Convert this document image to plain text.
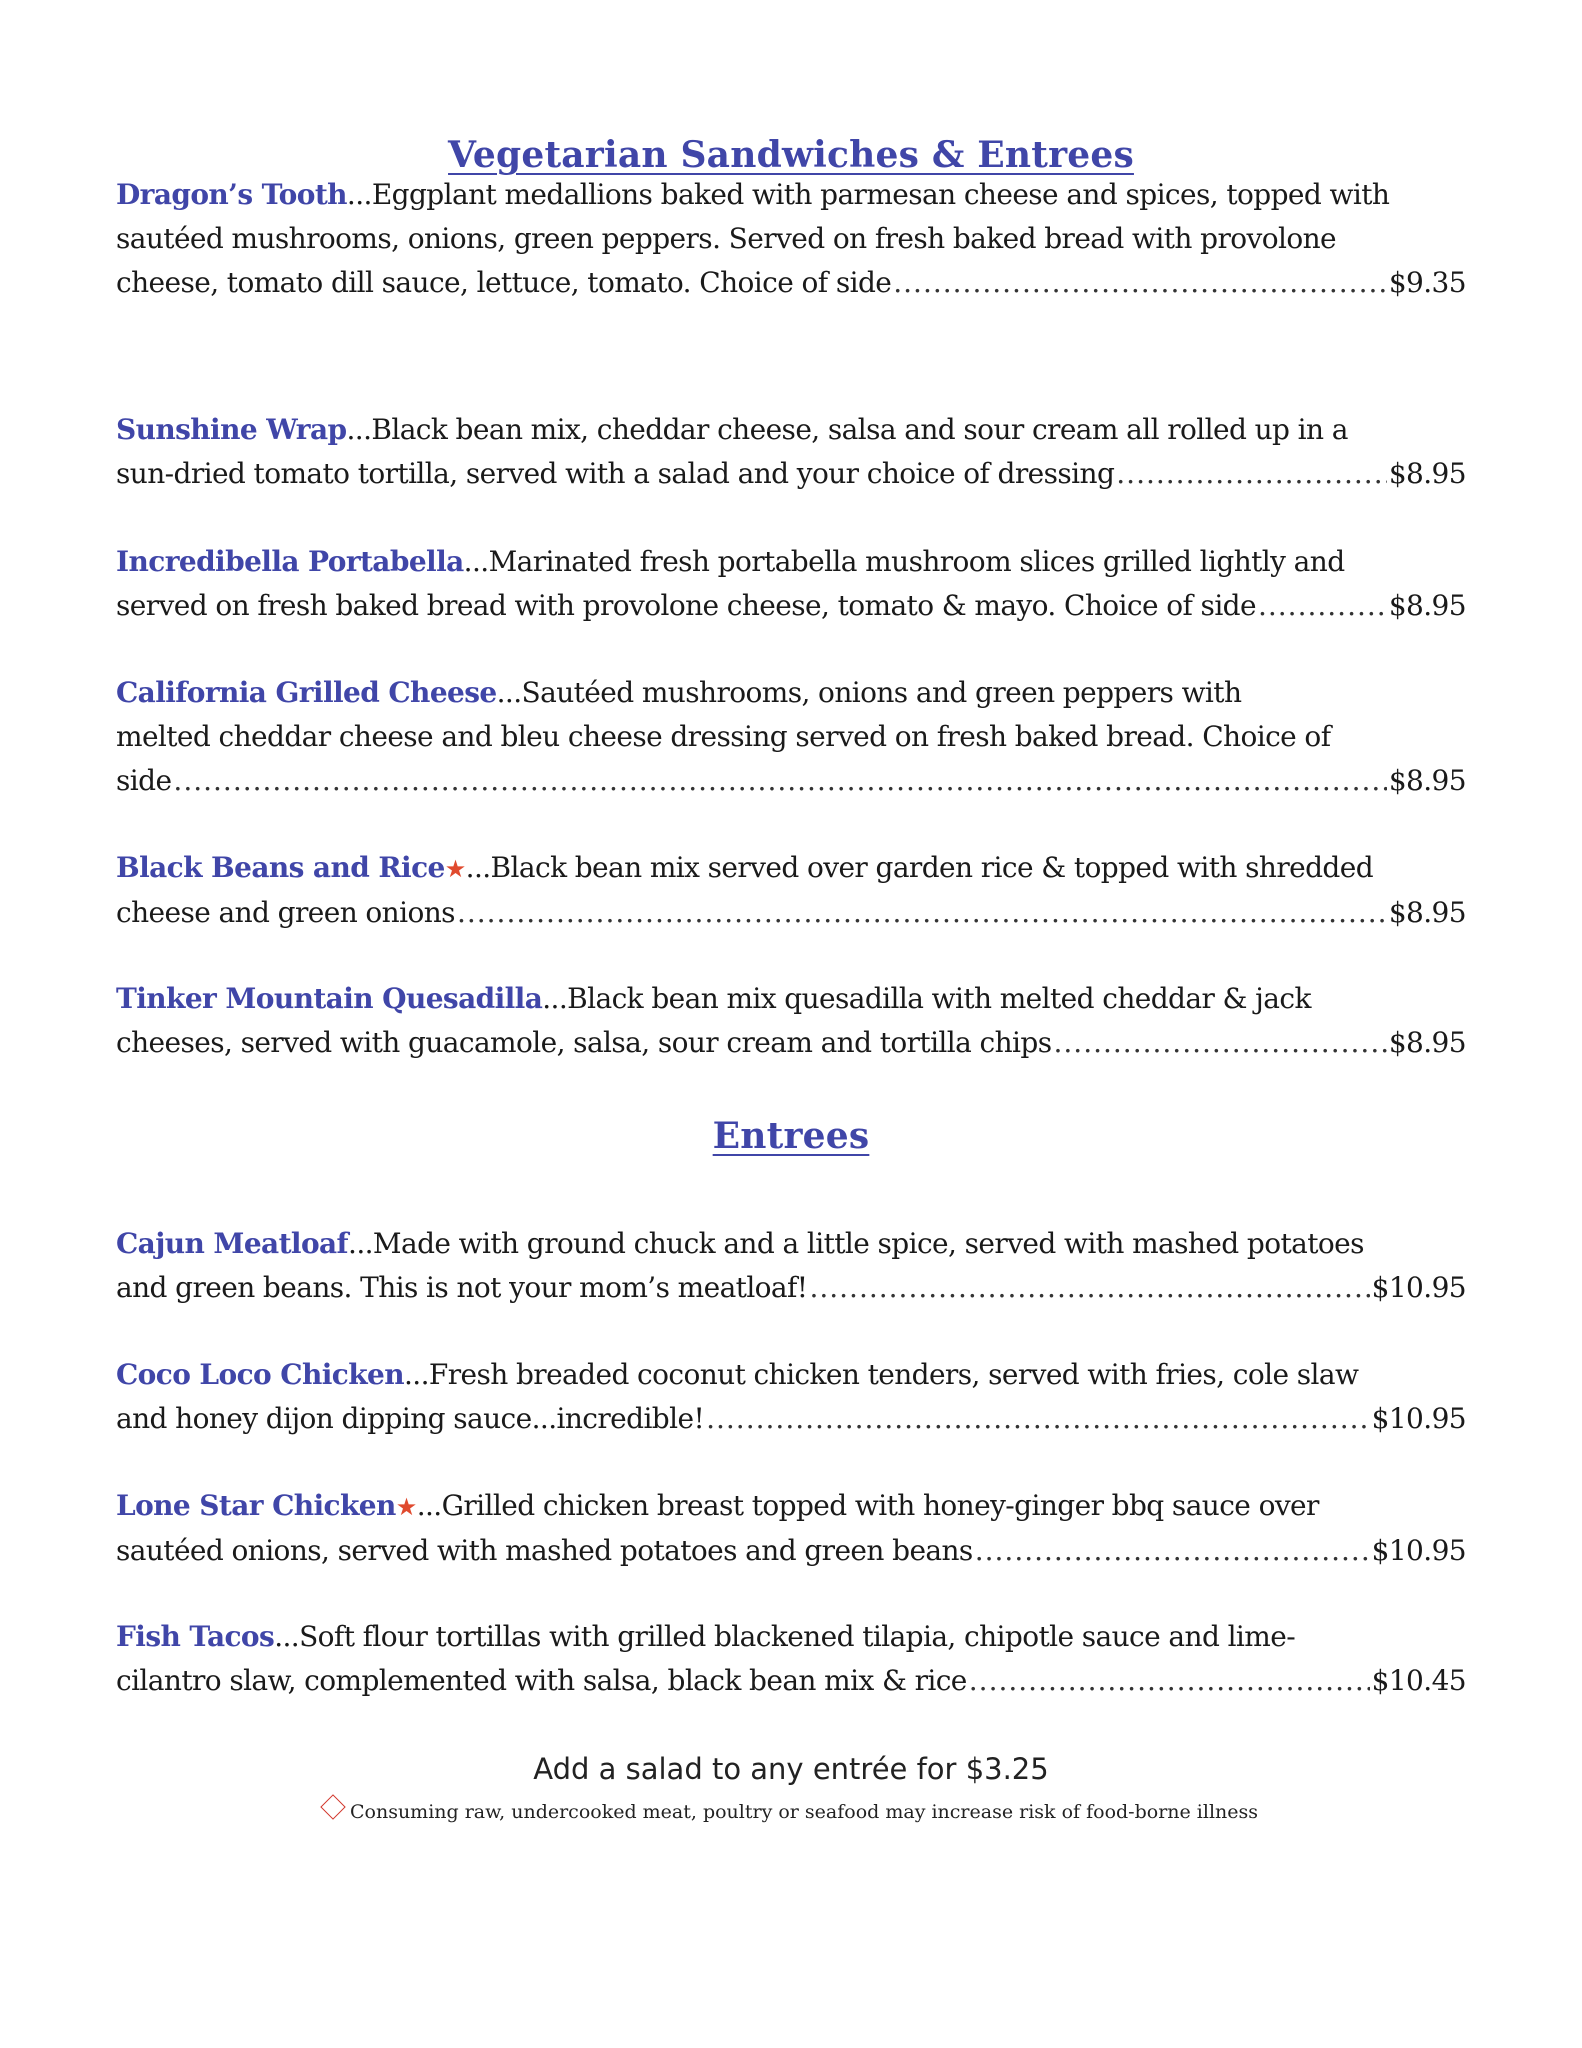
Vegetarian Sandwiches & Entrees
Dragon’s Tooth...Eggplant medallions baked with parmesan cheese and spices, topped with
sautéed mushrooms, onions, green peppers. Served on fresh baked bread with provolone
cheese, tomato dill sauce, lettuce, tomato. Choice of side .....	$9.35
Sunshine Wrap...Black bean mix, cheddar cheese, salsa and sour cream all rolled up in a
sun-dried tomato tortilla, served with a salad and your choice of dressing .....	$8.95
Incredibella Portabella...Marinated fresh portabella mushroom slices grilled lightly and
served on fresh baked bread with provolone cheese, tomato & mayo. Choice of side .....	$8.95
California Grilled Cheese...Sautéed mushrooms, onions and green peppers with
melted cheddar cheese and bleu cheese dressing served on fresh baked bread. Choice of
side .....	$8.95
Black Beans and Rice★...Black bean mix served over garden rice & topped with shredded
cheese and green onions .....	$8.95
Tinker Mountain Quesadilla...Black bean mix quesadilla with melted cheddar & jack
cheeses, served with guacamole, salsa, sour cream and tortilla chips .....	$8.95
Entrees
Cajun Meatloaf...Made with ground chuck and a little spice, served with mashed potatoes
and green beans. This is not your mom’s meatloaf! .....	$10.95
Coco Loco Chicken...Fresh breaded coconut chicken tenders, served with fries, cole slaw
and honey dijon dipping sauce...incredible! .....	$10.95
Lone Star Chicken★...Grilled chicken breast topped with honey-ginger bbq sauce over
sautéed onions, served with mashed potatoes and green beans .....	$10.95
Fish Tacos...Soft flour tortillas with grilled blackened tilapia, chipotle sauce and lime-
cilantro slaw, complemented with salsa, black bean mix & rice .....	$10.45
Add a salad to any entrée for $3.25
Consuming raw, undercooked meat, poultry or seafood may increase risk of food-borne illness
